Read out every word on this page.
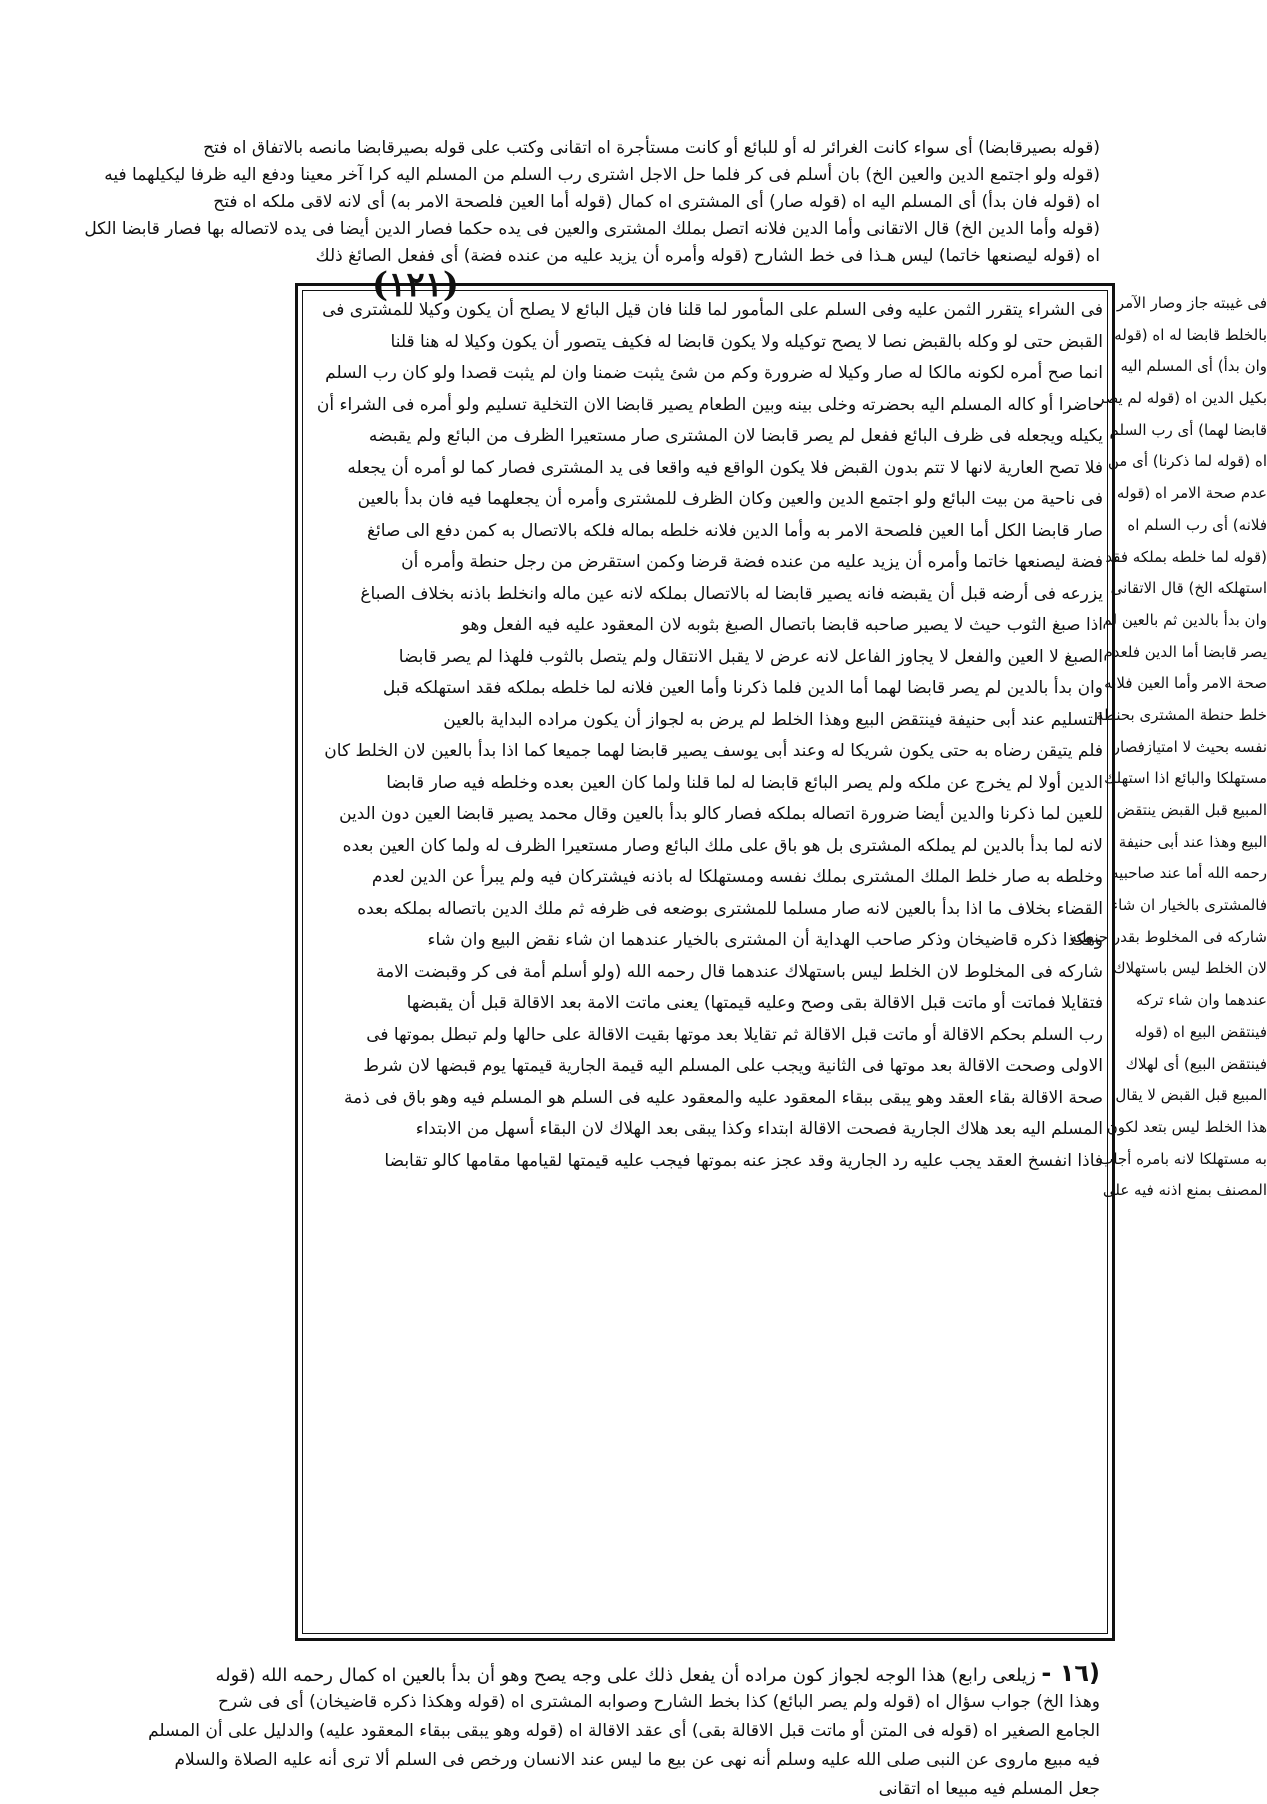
(قوله بصيرقابضا) أى سواء كانت الغرائر له أو للبائع أو كانت مستأجرة اه اتقانى وكتب على قوله بصيرقابضا مانصه بالاتفاق اه فتح
(قوله ولو اجتمع الدين والعين الخ) بان أسلم فى كر فلما حل الاجل اشترى رب السلم من المسلم اليه كرا آخر معينا ودفع اليه ظرفا ليكيلهما فيه
اه (قوله فان بدأ) أى المسلم اليه اه (قوله صار) أى المشترى اه كمال (قوله أما العين فلصحة الامر به) أى لانه لاقى ملكه اه فتح
(قوله وأما الدين الخ) قال الاتقانى وأما الدين فلانه اتصل بملك المشترى والعين فى يده حكما فصار الدين أيضا فى يده لاتصاله بها فصار قابضا الكل
اه (قوله ليصنعها خاتما) ليس هـذا فى خط الشارح (قوله وأمره أن يزيد عليه من عنده فضة) أى ففعل الصائغ ذلك
(١٢١)	فى غيبته جاز وصار الآمر
بالخلط قابضا له اه (قوله
وان بدأ) أى المسلم اليه
بكيل الدين اه (قوله لم يصر
قابضا لهما) أى رب السلم
اه (قوله لما ذكرنا) أى من
عدم صحة الامر اه (قوله
فلانه) أى رب السلم اه
(قوله لما خلطه بملكه فقد
استهلكه الخ) قال الاتقانى
وان بدأ بالدين ثم بالعين لم
يصر قابضا أما الدين فلعدم
صحة الامر وأما العين فلانه
خلط حنطة المشترى بحنطة
نفسه بحيث لا امتيازفصار
مستهلكا والبائع اذا استهلك
المبيع قبل القبض ينتقض
البيع وهذا عند أبى حنيفة
رحمه الله أما عند صاحبيه
فالمشترى بالخيار ان شاء
شاركه فى المخلوط بقدر حنطته
لان الخلط ليس باستهلاك
عندهما وان شاء تركه
فينتقض البيع اه (قوله
فينتقض البيع) أى لهلاك
المبيع قبل القبض لا يقال
هذا الخلط ليس بتعد لكون
به مستهلكا لانه بامره أجاب
المصنف بمنع اذنه فيه على
فى الشراء يتقرر الثمن عليه وفى السلم على المأمور لما قلنا فان قيل البائع لا يصلح أن يكون وكيلا للمشترى فى
القبض حتى لو وكله بالقبض نصا لا يصح توكيله ولا يكون قابضا له فكيف يتصور أن يكون وكيلا له هنا قلنا
انما صح أمره لكونه مالكا له صار وكيلا له ضرورة وكم من شئ يثبت ضمنا وان لم يثبت قصدا ولو كان رب السلم
حاضرا أو كاله المسلم اليه بحضرته وخلى بينه وبين الطعام يصير قابضا الان التخلية تسليم ولو أمره فى الشراء أن
يكيله ويجعله فى ظرف البائع ففعل لم يصر قابضا لان المشترى صار مستعيرا الظرف من البائع ولم يقبضه
فلا تصح العارية لانها لا تتم بدون القبض فلا يكون الواقع فيه واقعا فى يد المشترى فصار كما لو أمره أن يجعله
فى ناحية من بيت البائع ولو اجتمع الدين والعين وكان الظرف للمشترى وأمره أن يجعلهما فيه فان بدأ بالعين
صار قابضا الكل أما العين فلصحة الامر به وأما الدين فلانه خلطه بماله فلكه بالاتصال به كمن دفع الى صائغ
فضة ليصنعها خاتما وأمره أن يزيد عليه من عنده فضة قرضا وكمن استقرض من رجل حنطة وأمره أن
يزرعه فى أرضه قبل أن يقبضه فانه يصير قابضا له بالاتصال بملكه لانه عين ماله وانخلط باذنه بخلاف الصباغ
اذا صبغ الثوب حيث لا يصير صاحبه قابضا باتصال الصبغ بثوبه لان المعقود عليه فيه الفعل وهو
الصبغ لا العين والفعل لا يجاوز الفاعل لانه عرض لا يقبل الانتقال ولم يتصل بالثوب فلهذا لم يصر قابضا
وان بدأ بالدين لم يصر قابضا لهما أما الدين فلما ذكرنا وأما العين فلانه لما خلطه بملكه فقد استهلكه قبل
التسليم عند أبى حنيفة فينتقض البيع وهذا الخلط لم يرض به لجواز أن يكون مراده البداية بالعين
فلم يتيقن رضاه به حتى يكون شريكا له وعند أبى يوسف يصير قابضا لهما جميعا كما اذا بدأ بالعين لان الخلط كان
الدين أولا لم يخرج عن ملكه ولم يصر البائع قابضا له لما قلنا ولما كان العين بعده وخلطه فيه صار قابضا
للعين لما ذكرنا والدين أيضا ضرورة اتصاله بملكه فصار كالو بدأ بالعين وقال محمد يصير قابضا العين دون الدين
لانه لما بدأ بالدين لم يملكه المشترى بل هو باق على ملك البائع وصار مستعيرا الظرف له ولما كان العين بعده
وخلطه به صار خلط الملك المشترى بملك نفسه ومستهلكا له باذنه فيشتركان فيه ولم يبرأ عن الدين لعدم
القضاء بخلاف ما اذا بدأ بالعين لانه صار مسلما للمشترى بوضعه فى ظرفه ثم ملك الدين باتصاله بملكه بعده
وهكذا ذكره قاضيخان وذكر صاحب الهداية أن المشترى بالخيار عندهما ان شاء نقض البيع وان شاء
شاركه فى المخلوط لان الخلط ليس باستهلاك عندهما قال رحمه الله (ولو أسلم أمة فى كر وقبضت الامة
فتقايلا فماتت أو ماتت قبل الاقالة بقى وصح وعليه قيمتها) يعنى ماتت الامة بعد الاقالة قبل أن يقبضها
رب السلم بحكم الاقالة أو ماتت قبل الاقالة ثم تقايلا بعد موتها بقيت الاقالة على حالها ولم تبطل بموتها فى
الاولى وصحت الاقالة بعد موتها فى الثانية ويجب على المسلم اليه قيمة الجارية قيمتها يوم قبضها لان شرط
صحة الاقالة بقاء العقد وهو يبقى ببقاء المعقود عليه والمعقود عليه فى السلم هو المسلم فيه وهو باق فى ذمة
المسلم اليه بعد هلاك الجارية فصحت الاقالة ابتداء وكذا يبقى بعد الهلاك لان البقاء أسهل من الابتداء
فاذا انفسخ العقد يجب عليه رد الجارية وقد عجز عنه بموتها فيجب عليه قيمتها لقيامها مقامها كالو تقابضا
(١٦ - زيلعى رابع) هذا الوجه لجواز كون مراده أن يفعل ذلك على وجه يصح وهو أن بدأ بالعين اه كمال رحمه الله (قوله
وهذا الخ) جواب سؤال اه (قوله ولم يصر البائع) كذا بخط الشارح وصوابه المشترى اه (قوله وهكذا ذكره قاضيخان) أى فى شرح
الجامع الصغير اه (قوله فى المتن أو ماتت قبل الاقالة بقى) أى عقد الاقالة اه (قوله وهو يبقى ببقاء المعقود عليه) والدليل على أن المسلم
فيه مبيع ماروى عن النبى صلى الله عليه وسلم أنه نهى عن بيع ما ليس عند الانسان ورخص فى السلم ألا ترى أنه عليه الصلاة والسلام
جعل المسلم فيه مبيعا اه اتقانى
